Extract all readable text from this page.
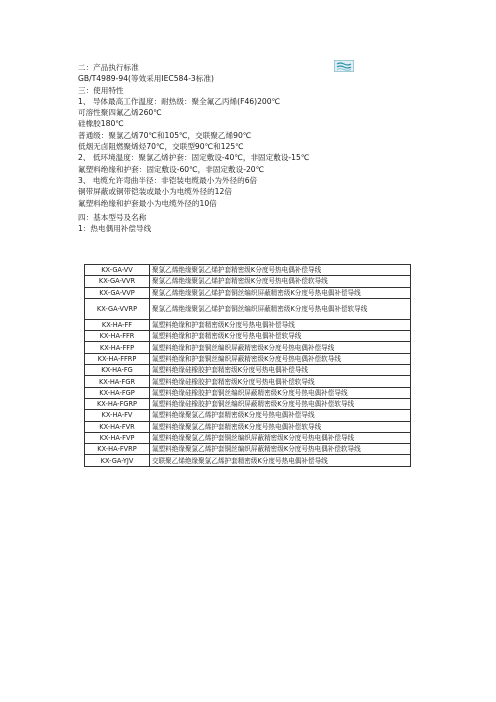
二：产品执行标准
GB/T4989-94(等效采用IEC584-3标准)
三：使用特性
1、 导体最高工作温度：耐热级：聚全氟乙丙烯(F46)200℃
可溶性聚四氟乙烯260℃
硅橡胶180℃
普通级：聚氯乙烯70℃和105℃，交联聚乙烯90℃
低烟无卤阻燃聚烯烃70℃，交联型90℃和125℃
2、 低环境温度：聚氯乙烯护套：固定敷设-40℃，非固定敷设-15℃
氟塑料绝缘和护套：固定敷设-60℃，非固定敷设-20℃
3、 电缆允许弯曲半径：非铠装电缆最小为外径的6倍
铜带屏蔽或铜带铠装或最小为电缆外径的12倍
氟塑料绝缘和护套最小为电缆外径的10倍
四：基本型号及名称
1：热电偶用补偿导线
KX-GA-VV	聚氯乙烯绝缘聚氯乙烯护套精密级K分度号热电偶补偿导线
KX-GA-VVR	聚氯乙烯绝缘聚氯乙烯护套精密级K分度号热电偶补偿软导线
KX-GA-VVP	聚氯乙烯绝缘聚氯乙烯护套铜丝编织屏蔽精密级K分度号热电偶补偿导线
KX-GA-VVRP	聚氯乙烯绝缘聚氯乙烯护套铜丝编织屏蔽精密级K分度号热电偶补偿软导线
KX-HA-FF	氟塑料绝缘和护套精密级K分度号热电偶补偿导线
KX-HA-FFR	氟塑料绝缘和护套精密级K分度号热电偶补偿软导线
KX-HA-FFP	氟塑料绝缘和护套铜丝编织屏蔽精密级K分度号热电偶补偿导线
KX-HA-FFRP	氟塑料绝缘和护套铜丝编织屏蔽精密级K分度号热电偶补偿软导线
KX-HA-FG	氟塑料绝缘硅橡胶护套精密级K分度号热电偶补偿导线
KX-HA-FGR	氟塑料绝缘硅橡胶护套精密级K分度号热电偶补偿软导线
KX-HA-FGP	氟塑料绝缘硅橡胶护套铜丝编织屏蔽精密级K分度号热电偶补偿导线
KX-HA-FGRP	氟塑料绝缘硅橡胶护套铜丝编织屏蔽精密级K分度号热电偶补偿软导线
KX-HA-FV	氟塑料绝缘聚氯乙烯护套精密级K分度号热电偶补偿导线
KX-HA-FVR	氟塑料绝缘聚氯乙烯护套精密级K分度号热电偶补偿软导线
KX-HA-FVP	氟塑料绝缘聚氯乙烯护套铜丝编织屏蔽精密级K分度号热电偶补偿导线
KX-HA-FVRP	氟塑料绝缘聚氯乙烯护套铜丝编织屏蔽精密级K分度号热电偶补偿软导线
KX-GA-YJV	交联聚乙烯绝缘聚氯乙烯护套精密级K分度号热电偶补偿导线
